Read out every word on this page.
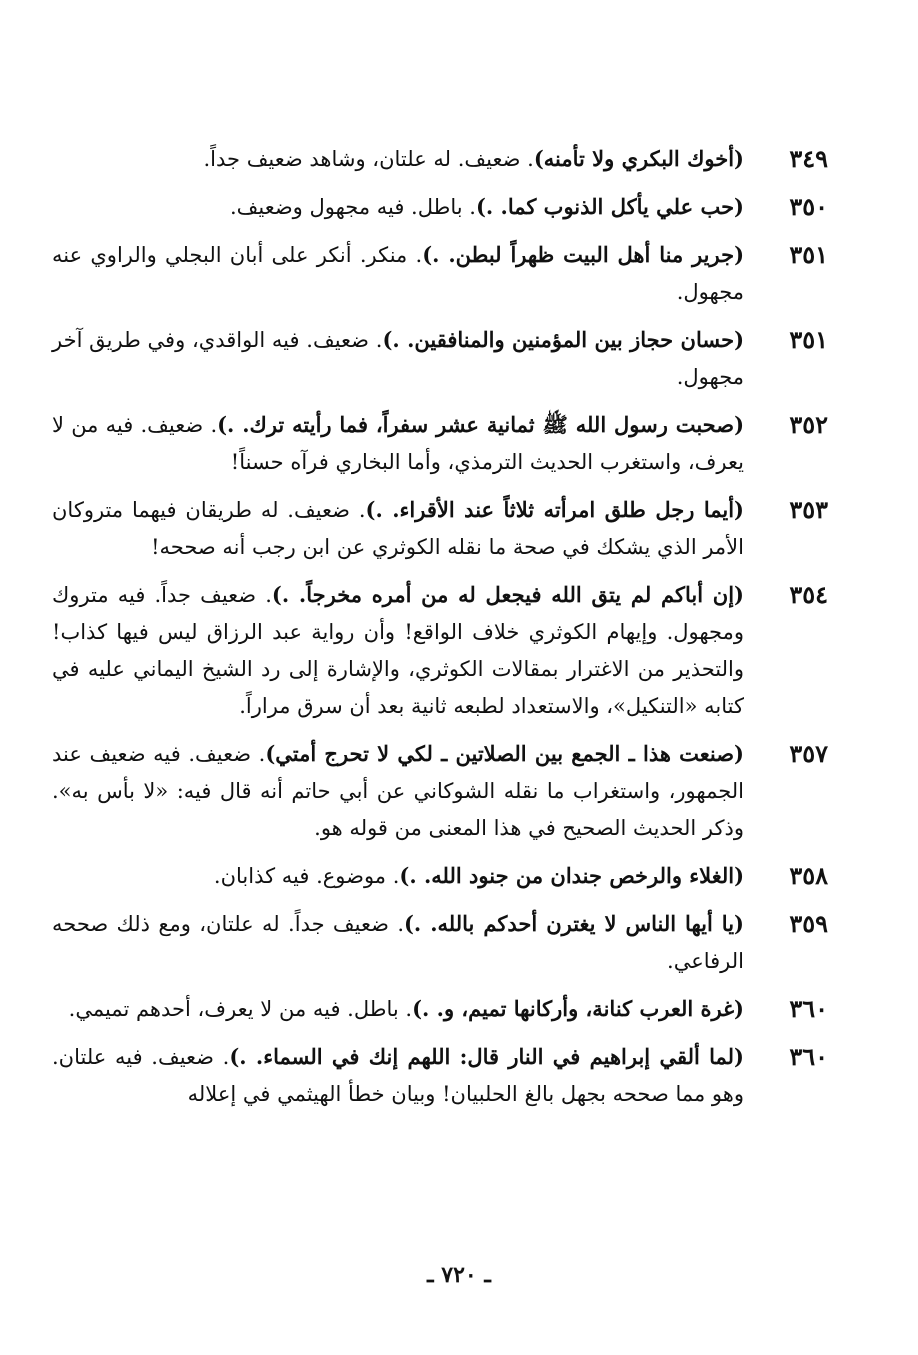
٣٤٩
(أخوك البكري ولا تأمنه). ضعيف. له علتان، وشاهد ضعيف جداً.
٣٥٠
(حب علي يأكل الذنوب كما. .). باطل. فيه مجهول وضعيف.
٣٥١
(جرير منا أهل البيت ظهراً لبطن. .). منكر. أنكر على أبان البجلي والراوي عنه مجهول.
٣٥١
(حسان حجاز بين المؤمنين والمنافقين. .). ضعيف. فيه الواقدي، وفي طريق آخر مجهول.
٣٥٢
(صحبت رسول الله ﷺ ثمانية عشر سفراً، فما رأيته ترك. .). ضعيف. فيه من لا يعرف، واستغرب الحديث الترمذي، وأما البخاري فرآه حسناً!
٣٥٣
(أيما رجل طلق امرأته ثلاثاً عند الأقراء. .). ضعيف. له طريقان فيهما متروكان الأمر الذي يشكك في صحة ما نقله الكوثري عن ابن رجب أنه صححه!
٣٥٤
(إن أباكم لم يتق الله فيجعل له من أمره مخرجاً. .). ضعيف جداً. فيه متروك ومجهول. وإيهام الكوثري خلاف الواقع! وأن رواية عبد الرزاق ليس فيها كذاب! والتحذير من الاغترار بمقالات الكوثري، والإشارة إلى رد الشيخ اليماني عليه في كتابه «التنكيل»، والاستعداد لطبعه ثانية بعد أن سرق مراراً.
٣٥٧
(صنعت هذا ـ الجمع بين الصلاتين ـ لكي لا تحرج أمتي). ضعيف. فيه ضعيف عند الجمهور، واستغراب ما نقله الشوكاني عن أبي حاتم أنه قال فيه: «لا بأس به». وذكر الحديث الصحيح في هذا المعنى من قوله هو.
٣٥٨
(الغلاء والرخص جندان من جنود الله. .). موضوع. فيه كذابان.
٣٥٩
(يا أيها الناس لا يغترن أحدكم بالله. .). ضعيف جداً. له علتان، ومع ذلك صححه الرفاعي.
٣٦٠
(غرة العرب كنانة، وأركانها تميم، و. .). باطل. فيه من لا يعرف، أحدهم تميمي.
٣٦٠
(لما ألقي إبراهيم في النار قال: اللهم إنك في السماء. .). ضعيف. فيه علتان. وهو مما صححه بجهل بالغ الحلبيان! وبيان خطأ الهيثمي في إعلاله
ـ ٧٢٠ ـ
